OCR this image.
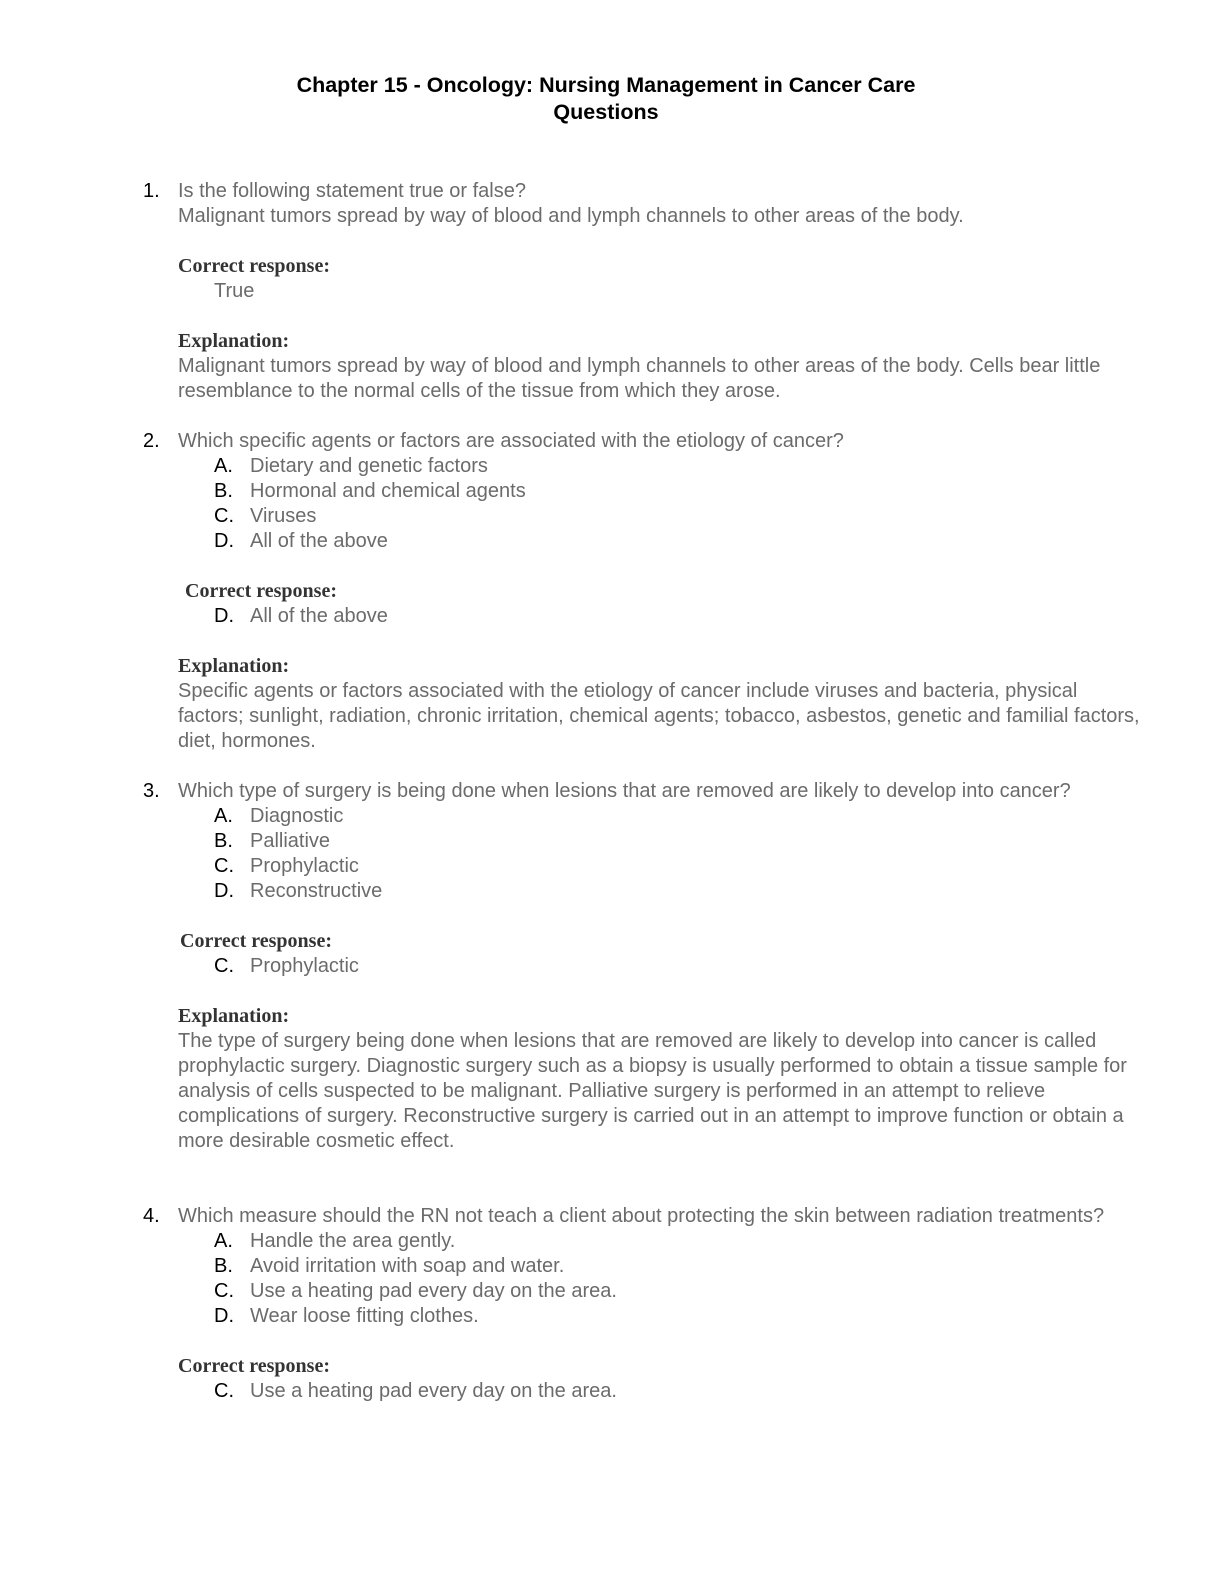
Chapter 15 - Oncology: Nursing Management in Cancer Care
Questions
1. Is the following statement true or false?
Malignant tumors spread by way of blood and lymph channels to other areas of the body.
Correct response:
True
Explanation:
Malignant tumors spread by way of blood and lymph channels to other areas of the body. Cells bear little resemblance to the normal cells of the tissue from which they arose.
2. Which specific agents or factors are associated with the etiology of cancer?
A. Dietary and genetic factors
B. Hormonal and chemical agents
C. Viruses
D. All of the above
Correct response:
D. All of the above
Explanation:
Specific agents or factors associated with the etiology of cancer include viruses and bacteria, physical factors; sunlight, radiation, chronic irritation, chemical agents; tobacco, asbestos, genetic and familial factors, diet, hormones.
3. Which type of surgery is being done when lesions that are removed are likely to develop into cancer?
A. Diagnostic
B. Palliative
C. Prophylactic
D. Reconstructive
Correct response:
C. Prophylactic
Explanation:
The type of surgery being done when lesions that are removed are likely to develop into cancer is called prophylactic surgery. Diagnostic surgery such as a biopsy is usually performed to obtain a tissue sample for analysis of cells suspected to be malignant. Palliative surgery is performed in an attempt to relieve complications of surgery. Reconstructive surgery is carried out in an attempt to improve function or obtain a more desirable cosmetic effect.
4. Which measure should the RN not teach a client about protecting the skin between radiation treatments?
A. Handle the area gently.
B. Avoid irritation with soap and water.
C. Use a heating pad every day on the area.
D. Wear loose fitting clothes.
Correct response:
C. Use a heating pad every day on the area.
